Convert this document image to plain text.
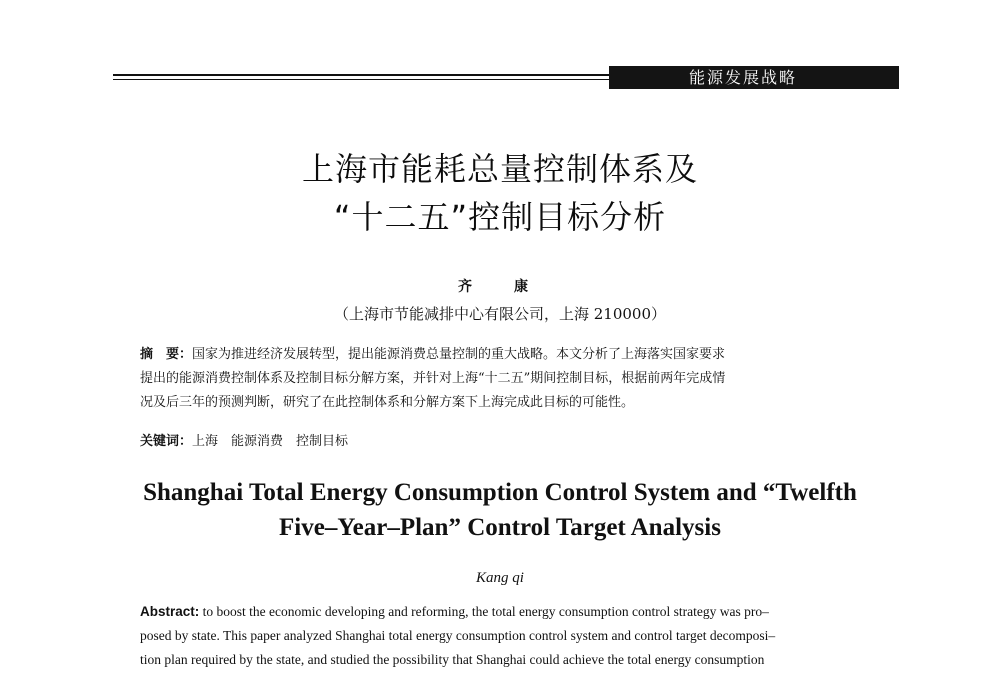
能源发展战略
上海市能耗总量控制体系及
“十二五”控制目标分析
齐　康
（上海市节能减排中心有限公司，上海 210000）

摘　要：国家为推进经济发展转型，提出能源消费总量控制的重大战略。本文分析了上海落实国家要求

提出的能源消费控制体系及控制目标分解方案，并针对上海“十二五”期间控制目标，根据前两年完成情

况及后三年的预测判断，研究了在此控制体系和分解方案下上海完成此目标的可能性。

关键词：上海　能源消费　控制目标
Shanghai Total Energy Consumption Control System and “Twelfth
Five–Year–Plan” Control Target Analysis
Kang qi
Abstract: to boost the economic developing and reforming, the total energy consumption control strategy was pro–
posed by state. This paper analyzed Shanghai total energy consumption control system and control target decomposi–
tion plan required by the state, and studied the possibility that Shanghai could achieve the total energy consumption
